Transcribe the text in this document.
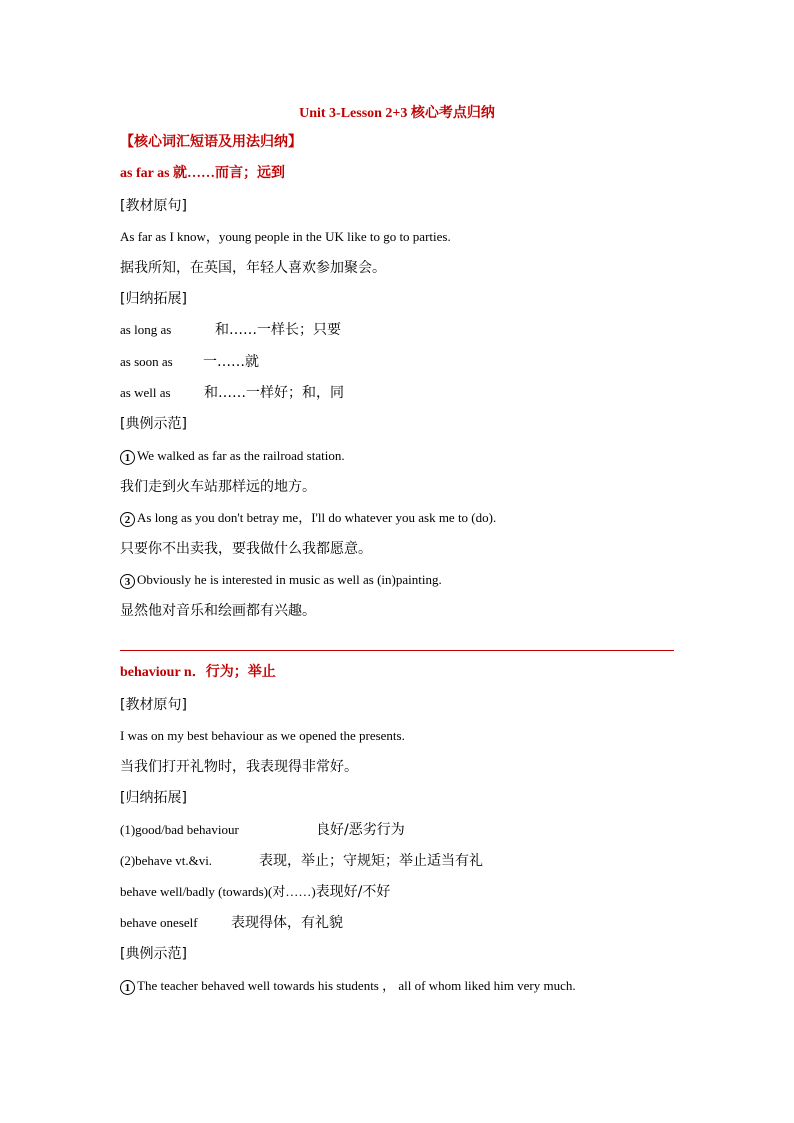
Unit 3-Lesson 2+3 核心考点归纳
【核心词汇短语及用法归纳】
as far as 就……而言；远到
[教材原句]
As far as I know，young people in the UK like to go to parties.
据我所知，在英国，年轻人喜欢参加聚会。
[归纳拓展]
as long as	和……一样长；只要
as soon as 一……就
as well as 和……一样好；和，同
[典例示范]
1 We walked as far as the railroad station.
我们走到火车站那样远的地方。
2 As long as you don't betray me，I'll do whatever you ask me to (do).
只要你不出卖我，要我做什么我都愿意。
3 Obviously he is interested in music as well as (in)painting.
显然他对音乐和绘画都有兴趣。
behaviour n．行为；举止
[教材原句]
I was on my best behaviour as we opened the presents.
当我们打开礼物时，我表现得非常好。
[归纳拓展]
(1)good/bad behaviour	良好/恶劣行为
(2)behave vt.&vi.	表现，举止；守规矩；举止适当有礼
behave well/badly (towards)(对……)表现好/不好
behave oneself 表现得体，有礼貌
[典例示范]
1 The teacher behaved well towards his students ， all of whom liked him very much.
